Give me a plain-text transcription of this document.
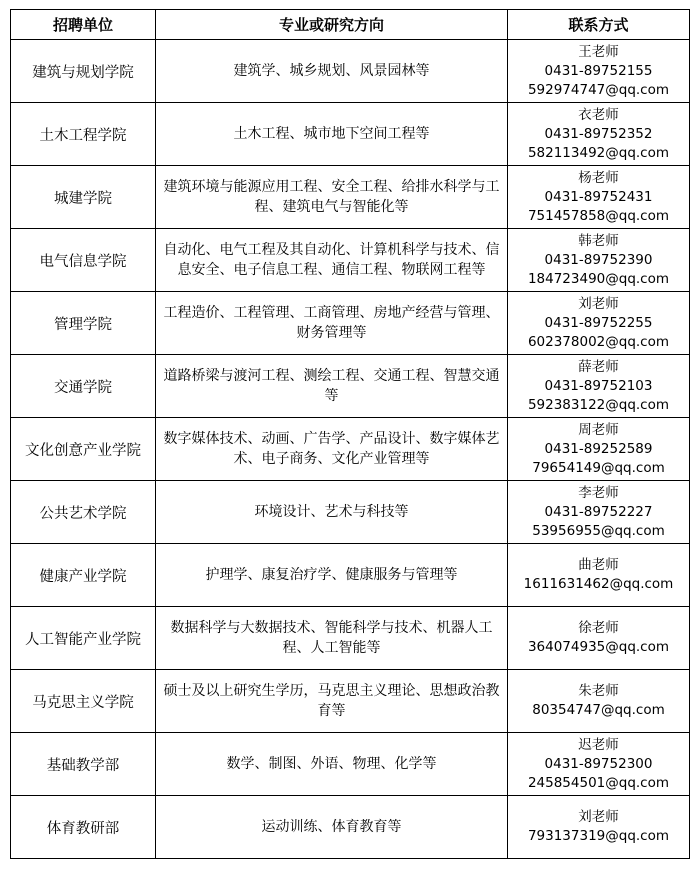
招聘单位	专业或研究方向	联系方式
建筑与规划学院	建筑学、城乡规划、风景园林等	王老师
0431-89752155
592974747@qq.com

土木工程学院	土木工程、城市地下空间工程等	衣老师
0431-89752352
582113492@qq.com

城建学院	建筑环境与能源应用工程、安全工程、给排水科学与工程、建筑电气与智能化等	杨老师
0431-89752431
751457858@qq.com

电气信息学院	自动化、电气工程及其自动化、计算机科学与技术、信息安全、电子信息工程、通信工程、物联网工程等	韩老师
0431-89752390
184723490@qq.com

管理学院	工程造价、工程管理、工商管理、房地产经营与管理、财务管理等	刘老师
0431-89752255
602378002@qq.com

交通学院	道路桥梁与渡河工程、测绘工程、交通工程、智慧交通等	薛老师
0431-89752103
592383122@qq.com

文化创意产业学院	数字媒体技术、动画、广告学、产品设计、数字媒体艺术、电子商务、文化产业管理等	周老师
0431-89252589
79654149@qq.com

公共艺术学院	环境设计、艺术与科技等	李老师
0431-89752227
53956955@qq.com

健康产业学院	护理学、康复治疗学、健康服务与管理等	曲老师
1611631462@qq.com

人工智能产业学院	数据科学与大数据技术、智能科学与技术、机器人工程、人工智能等	徐老师
364074935@qq.com

马克思主义学院	硕士及以上研究生学历，马克思主义理论、思想政治教育等	朱老师
80354747@qq.com

基础教学部	数学、制图、外语、物理、化学等	迟老师
0431-89752300
245854501@qq.com

体育教研部	运动训练、体育教育等	刘老师
793137319@qq.com
